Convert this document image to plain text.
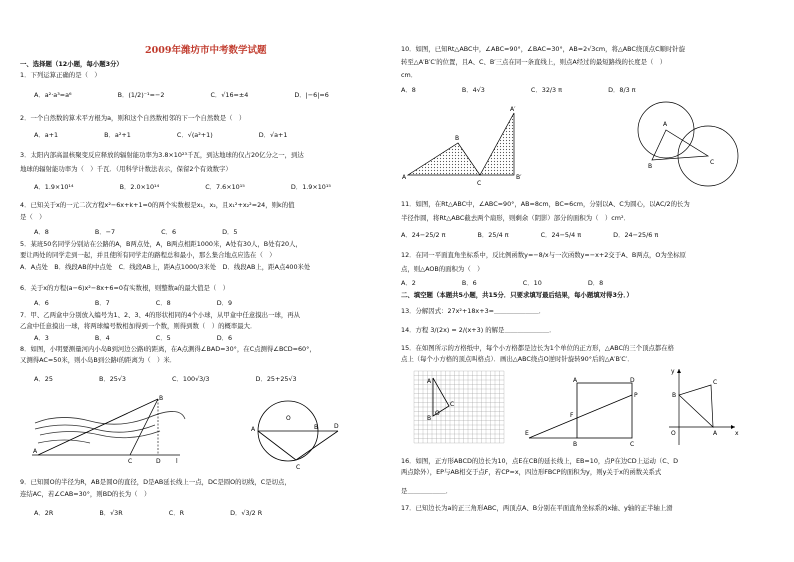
2009年潍坊市中考数学试题
一、选择题（12小题，每小题3分）
1．下列运算正确的是（　）
A．a²·a³=a⁶	B．(1/2)⁻¹=−2	C．√16=±4	D．|−6|=6
2．一个自然数的算术平方根为a，则和这个自然数相邻的下一个自然数是（　）
A．a+1	B．a²+1	C．√(a²+1)	D．√a+1
3．太阳内部高温核聚变反应释放的辐射能功率为3.8×10²³千瓦，到达地球的仅占20亿分之一，到达
地球的辐射能功率为（　）千瓦．（用科学计数法表示，保留2个有效数字）
A．1.9×10¹⁴	B．2.0×10¹⁴	C．7.6×10¹⁵	D．1.9×10¹⁵
4．已知关于x的一元二次方程x²−6x+k+1=0的两个实数根是x₁，x₂，且x₁²+x₂²=24，则k的值
是（　）
A．8	B．−7	C．6	D．5
5．某班50名同学分别站在公路的A，B两点处，A，B两点相距1000米，A处有30人，B处有20人，
要让两处的同学走到一起，并且使所有同学走的路程总和最小，那么集合地点应选在（　）
A．A点处　B．线段AB的中点处　C．线段AB上，距A点1000/3米处　D．线段AB上，距A点400米处
6．关于x的方程(a−6)x²−8x+6=0有实数根，则整数a的最大值是（　）
A．6	B．7	C．8	D．9
7．甲、乙两盒中分别放入编号为1、2、3、4的形状相同的4个小球，从甲盒中任意摸出一球，再从
乙盒中任意摸出一球，将两球编号数相加得到一个数，则得到数（　）的概率最大．
A．3	B．4	C．5	D．6
8．如图，小明要测量河内小岛B到河边公路l的距离，在A点测得∠BAD=30°，在C点测得∠BCD=60°，
又测得AC=50米，则小岛B到公路l的距离为（　）米．
A．25	B．25√3	C．100√3/3	D．25+25√3
9．已知圆O的半径为R，AB是圆O的直径，D是AB延长线上一点，DC是圆O的切线，C是切点，
连结AC，若∠CAB=30°，则BD的长为（　）
A．2R	B．√3R	C．R	D．√3/2 R
B
A
C	D	l
O
A	B
C
D
10．如图，已知Rt△ABC中，∠ABC=90°，∠BAC=30°，AB=2√3cm，将△ABC绕顶点C顺时针旋
转至△A′B′C′的位置，且A、C、B′三点在同一条直线上，则点A经过的最短路线的长度是（　）
cm．
A．8	B．4√3	C．32/3 π	D．8/3 π
11．如图，在Rt△ABC中，∠ABC=90°，AB=8cm，BC=6cm，分别以A、C为圆心，以AC/2的长为
半径作圆，将Rt△ABC截去两个扇形，则剩余（阴影）部分的面积为（　）cm²．
A．24−25/2 π	B．25/4 π	C．24−5/4 π	D．24−25/6 π
12．在同一平面直角坐标系中，反比例函数y=−8/x与一次函数y=−x+2交于A、B两点，O为坐标原
点，则△AOB的面积为（　）
A．2	B．6	C．10	D．8
二、填空题（本题共5小题，共15分．只要求填写最后结果，每小题填对得3分．）
13．分解因式：27x²+18x+3=＿＿＿＿＿＿＿．
14．方程 3/(2x) = 2/(x+3) 的解是＿＿＿＿＿＿＿．
15．在如图所示的方格纸中，每个小方格都是边长为1个单位的正方形，△ABC的三个顶点都在格
点上（每个小方格的顶点叫格点）．画出△ABC绕点O逆时针旋转90°后的△A′B′C′．
16．如图，正方形ABCD的边长为10，点E在CB的延长线上，EB=10，点P在边CD上运动（C、D
两点除外），EP与AB相交于点F，若CP=x，四边形FBCP的面积为y，则y关于x的函数关系式
是＿＿＿＿＿＿．
17．已知边长为a的正三角形ABC，两顶点A、B分别在平面直角坐标系的x轴、y轴的正半轴上滑
B
A
C
A′
B′
A
B
C
A
B
C
O
A
B	C
D
E
F
P
x
y
O	A
B
C
